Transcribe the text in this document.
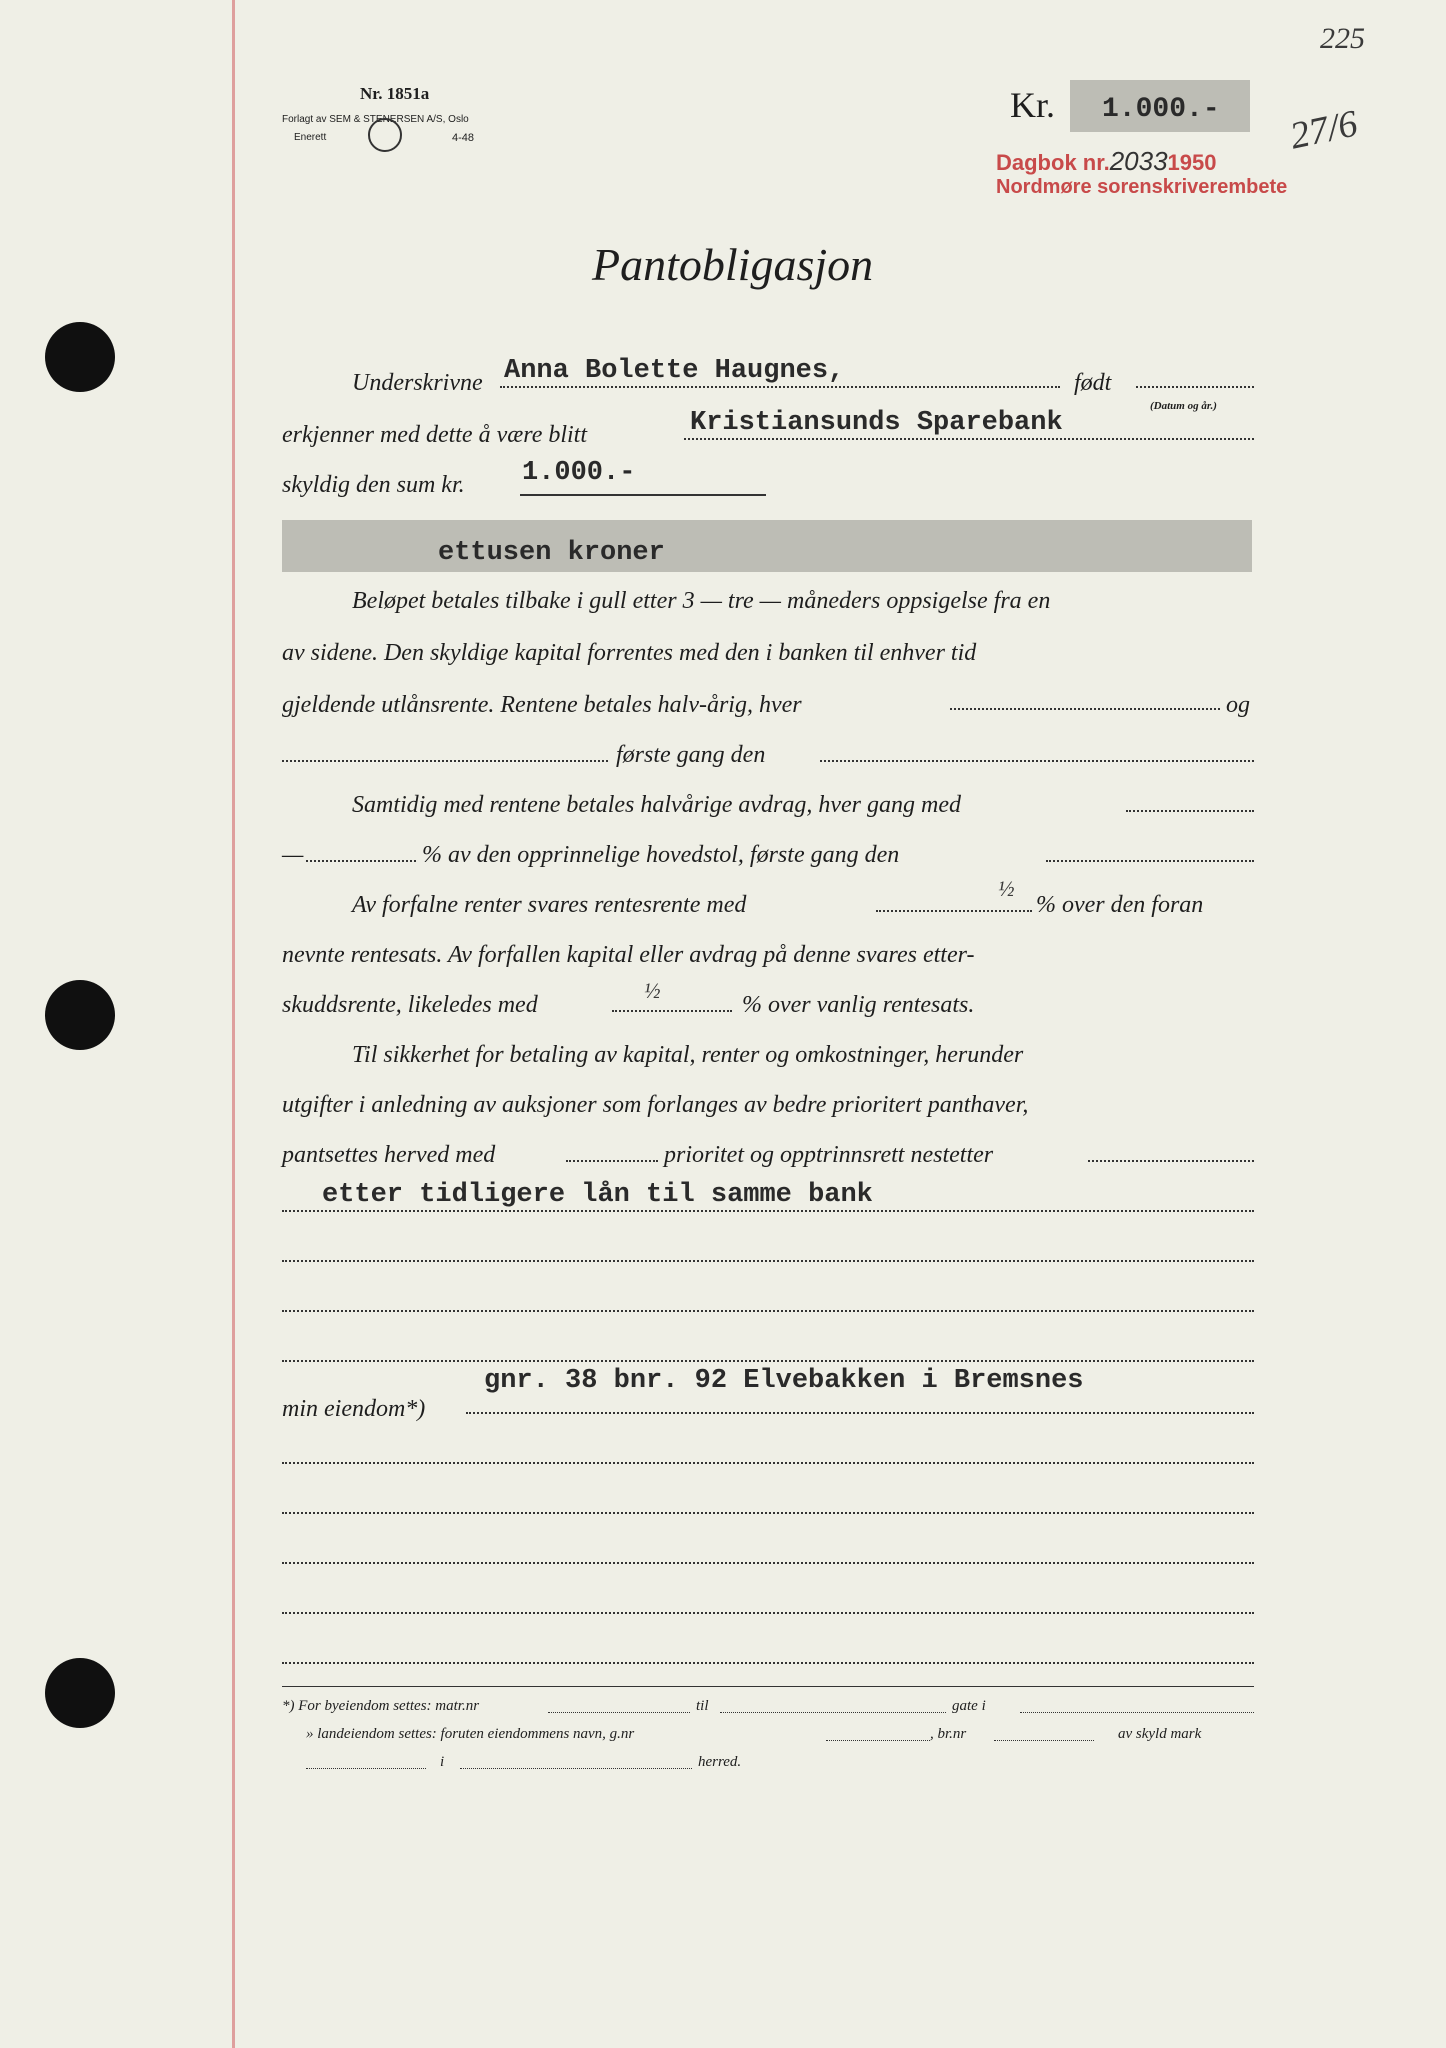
225
Nr. 1851a
Forlagt av SEM & STENERSEN A/S, Oslo
Enerett	4-48
Kr. 1.000.-
Dagbok nr.20331950
Nordmøre sorenskriverembete
27/6
Pantobligasjon
Underskrivne Anna Bolette Haugnes,	født
(Datum og år.)
erkjenner med dette å være blitt	Kristiansunds Sparebank
skyldig den sum kr. 1.000.-
ettusen kroner
Beløpet betales tilbake i gull etter 3 — tre — måneders oppsigelse fra en
av sidene. Den skyldige kapital forrentes med den i banken til enhver tid
gjeldende utlånsrente. Rentene betales halv-årig, hver	og
første gang den
Samtidig med rentene betales halvårige avdrag, hver gang med
—	% av den opprinnelige hovedstol, første gang den
Av forfalne renter svares rentesrente med
½
% over den foran
nevnte rentesats. Av forfallen kapital eller avdrag på denne svares etter-
skuddsrente, likeledes med
½
% over vanlig rentesats.
Til sikkerhet for betaling av kapital, renter og omkostninger, herunder
utgifter i anledning av auksjoner som forlanges av bedre prioritert panthaver,
pantsettes herved med	prioritet og opptrinnsrett nestetter
etter tidligere lån til samme bank
gnr. 38 bnr. 92 Elvebakken i Bremsnes
min eiendom*)
*) For byeiendom settes: matr.nr	til	gate i
» landeiendom settes: foruten eiendommens navn, g.nr	, br.nr	av skyld mark
i	herred.
